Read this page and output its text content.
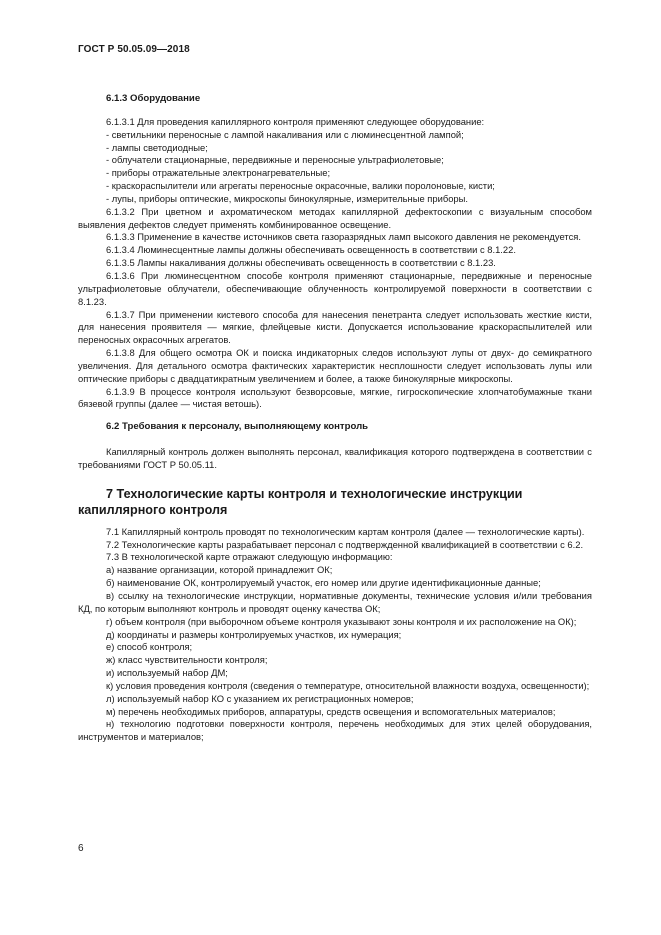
ГОСТ Р 50.05.09—2018

6.1.3 Оборудование

6.1.3.1 Для проведения капиллярного контроля применяют следующее оборудование:

- светильники переносные с лампой накаливания или с люминесцентной лампой;

- лампы светодиодные;

- облучатели стационарные, передвижные и переносные ультрафиолетовые;

- приборы отражательные электронагревательные;

- краскораспылители или агрегаты переносные окрасочные, валики поролоновые, кисти;

- лупы, приборы оптические, микроскопы бинокулярные, измерительные приборы.

6.1.3.2 При цветном и ахроматическом методах капиллярной дефектоскопии с визуальным способом выявления дефектов следует применять комбинированное освещение.

6.1.3.3 Применение в качестве источников света газоразрядных ламп высокого давления не рекомендуется.

6.1.3.4 Люминесцентные лампы должны обеспечивать освещенность в соответствии с 8.1.22.

6.1.3.5 Лампы накаливания должны обеспечивать освещенность в соответствии с 8.1.23.

6.1.3.6 При люминесцентном способе контроля применяют стационарные, передвижные и переносные ультрафиолетовые облучатели, обеспечивающие облученность контролируемой поверхности в соответствии с 8.1.23.

6.1.3.7 При применении кистевого способа для нанесения пенетранта следует использовать жесткие кисти, для нанесения проявителя — мягкие, флейцевые кисти. Допускается использование краскораспылителей или переносных окрасочных агрегатов.

6.1.3.8 Для общего осмотра ОК и поиска индикаторных следов используют лупы от двух- до семикратного увеличения. Для детального осмотра фактических характеристик несплошности следует использовать лупы или оптические приборы с двадцатикратным увеличением и более, а также бинокулярные микроскопы.

6.1.3.9 В процессе контроля используют безворсовые, мягкие, гигроскопические хлопчатобумажные ткани бязевой группы (далее — чистая ветошь).

6.2 Требования к персоналу, выполняющему контроль

Капиллярный контроль должен выполнять персонал, квалификация которого подтверждена в соответствии с требованиями ГОСТ Р 50.05.11.

7 Технологические карты контроля и технологические инструкции капиллярного контроля

7.1 Капиллярный контроль проводят по технологическим картам контроля (далее — технологические карты).

7.2 Технологические карты разрабатывает персонал с подтвержденной квалификацией в соответствии с 6.2.

7.3 В технологической карте отражают следующую информацию:

а) название организации, которой принадлежит ОК;

б) наименование ОК, контролируемый участок, его номер или другие идентификационные данные;

в) ссылку на технологические инструкции, нормативные документы, технические условия и/или требования КД, по которым выполняют контроль и проводят оценку качества ОК;

г) объем контроля (при выборочном объеме контроля указывают зоны контроля и их расположение на ОК);

д) координаты и размеры контролируемых участков, их нумерация;

е) способ контроля;

ж) класс чувствительности контроля;

и) используемый набор ДМ;

к) условия проведения контроля (сведения о температуре, относительной влажности воздуха, освещенности);

л) используемый набор КО с указанием их регистрационных номеров;

м) перечень необходимых приборов, аппаратуры, средств освещения и вспомогательных материалов;

н) технологию подготовки поверхности контроля, перечень необходимых для этих целей оборудования, инструментов и материалов;

6
